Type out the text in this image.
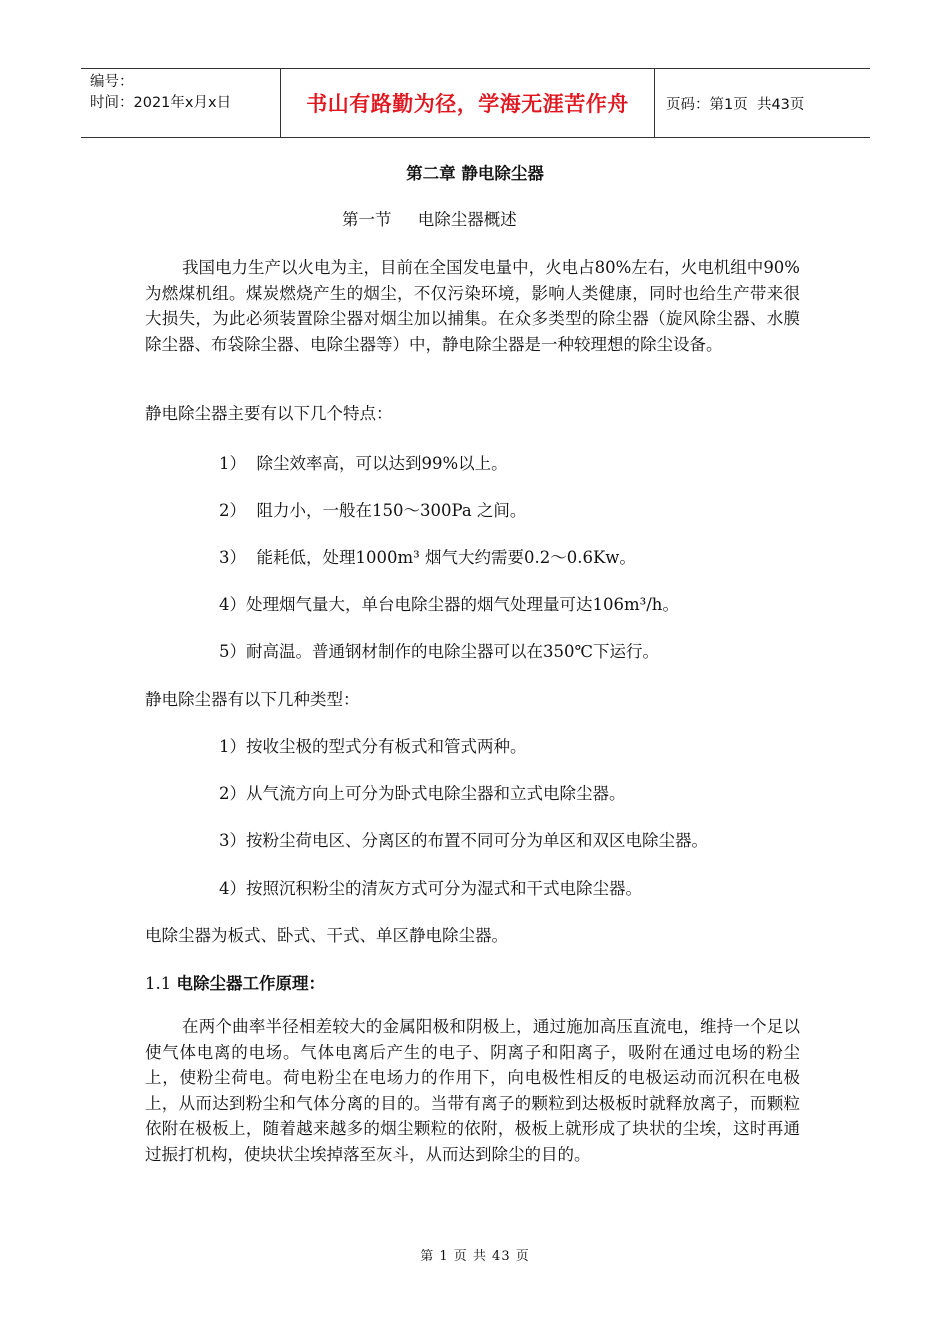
编号：
时间：2021年x月x日	书山有路勤为径，学海无涯苦作舟	页码：第1页  共43页
第二章 静电除尘器
第一节     电除尘器概述

我国电力生产以火电为主，目前在全国发电量中，火电占80%左右，火电机组中90%为燃煤机组。煤炭燃烧产生的烟尘，不仅污染环境，影响人类健康，同时也给生产带来很大损失，为此必须装置除尘器对烟尘加以捕集。在众多类型的除尘器（旋风除尘器、水膜除尘器、布袋除尘器、电除尘器等）中，静电除尘器是一种较理想的除尘设备。

静电除尘器主要有以下几个特点：

1）  除尘效率高，可以达到99%以上。

2）  阻力小，一般在150～300Pa 之间。

3）  能耗低，处理1000m³ 烟气大约需要0.2～0.6Kw。

4）处理烟气量大，单台电除尘器的烟气处理量可达106m³/h。

5）耐高温。普通钢材制作的电除尘器可以在350℃下运行。

静电除尘器有以下几种类型：

1）按收尘极的型式分有板式和管式两种。

2）从气流方向上可分为卧式电除尘器和立式电除尘器。

3）按粉尘荷电区、分离区的布置不同可分为单区和双区电除尘器。

4）按照沉积粉尘的清灰方式可分为湿式和干式电除尘器。

电除尘器为板式、卧式、干式、单区静电除尘器。

1.1 电除尘器工作原理：

在两个曲率半径相差较大的金属阳极和阴极上，通过施加高压直流电，维持一个足以使气体电离的电场。气体电离后产生的电子、阴离子和阳离子，吸附在通过电场的粉尘上，使粉尘荷电。荷电粉尘在电场力的作用下，向电极性相反的电极运动而沉积在电极上，从而达到粉尘和气体分离的目的。当带有离子的颗粒到达极板时就释放离子，而颗粒依附在极板上，随着越来越多的烟尘颗粒的依附，极板上就形成了块状的尘埃，这时再通过振打机构，使块状尘埃掉落至灰斗，从而达到除尘的目的。

第 1 页 共 43 页
